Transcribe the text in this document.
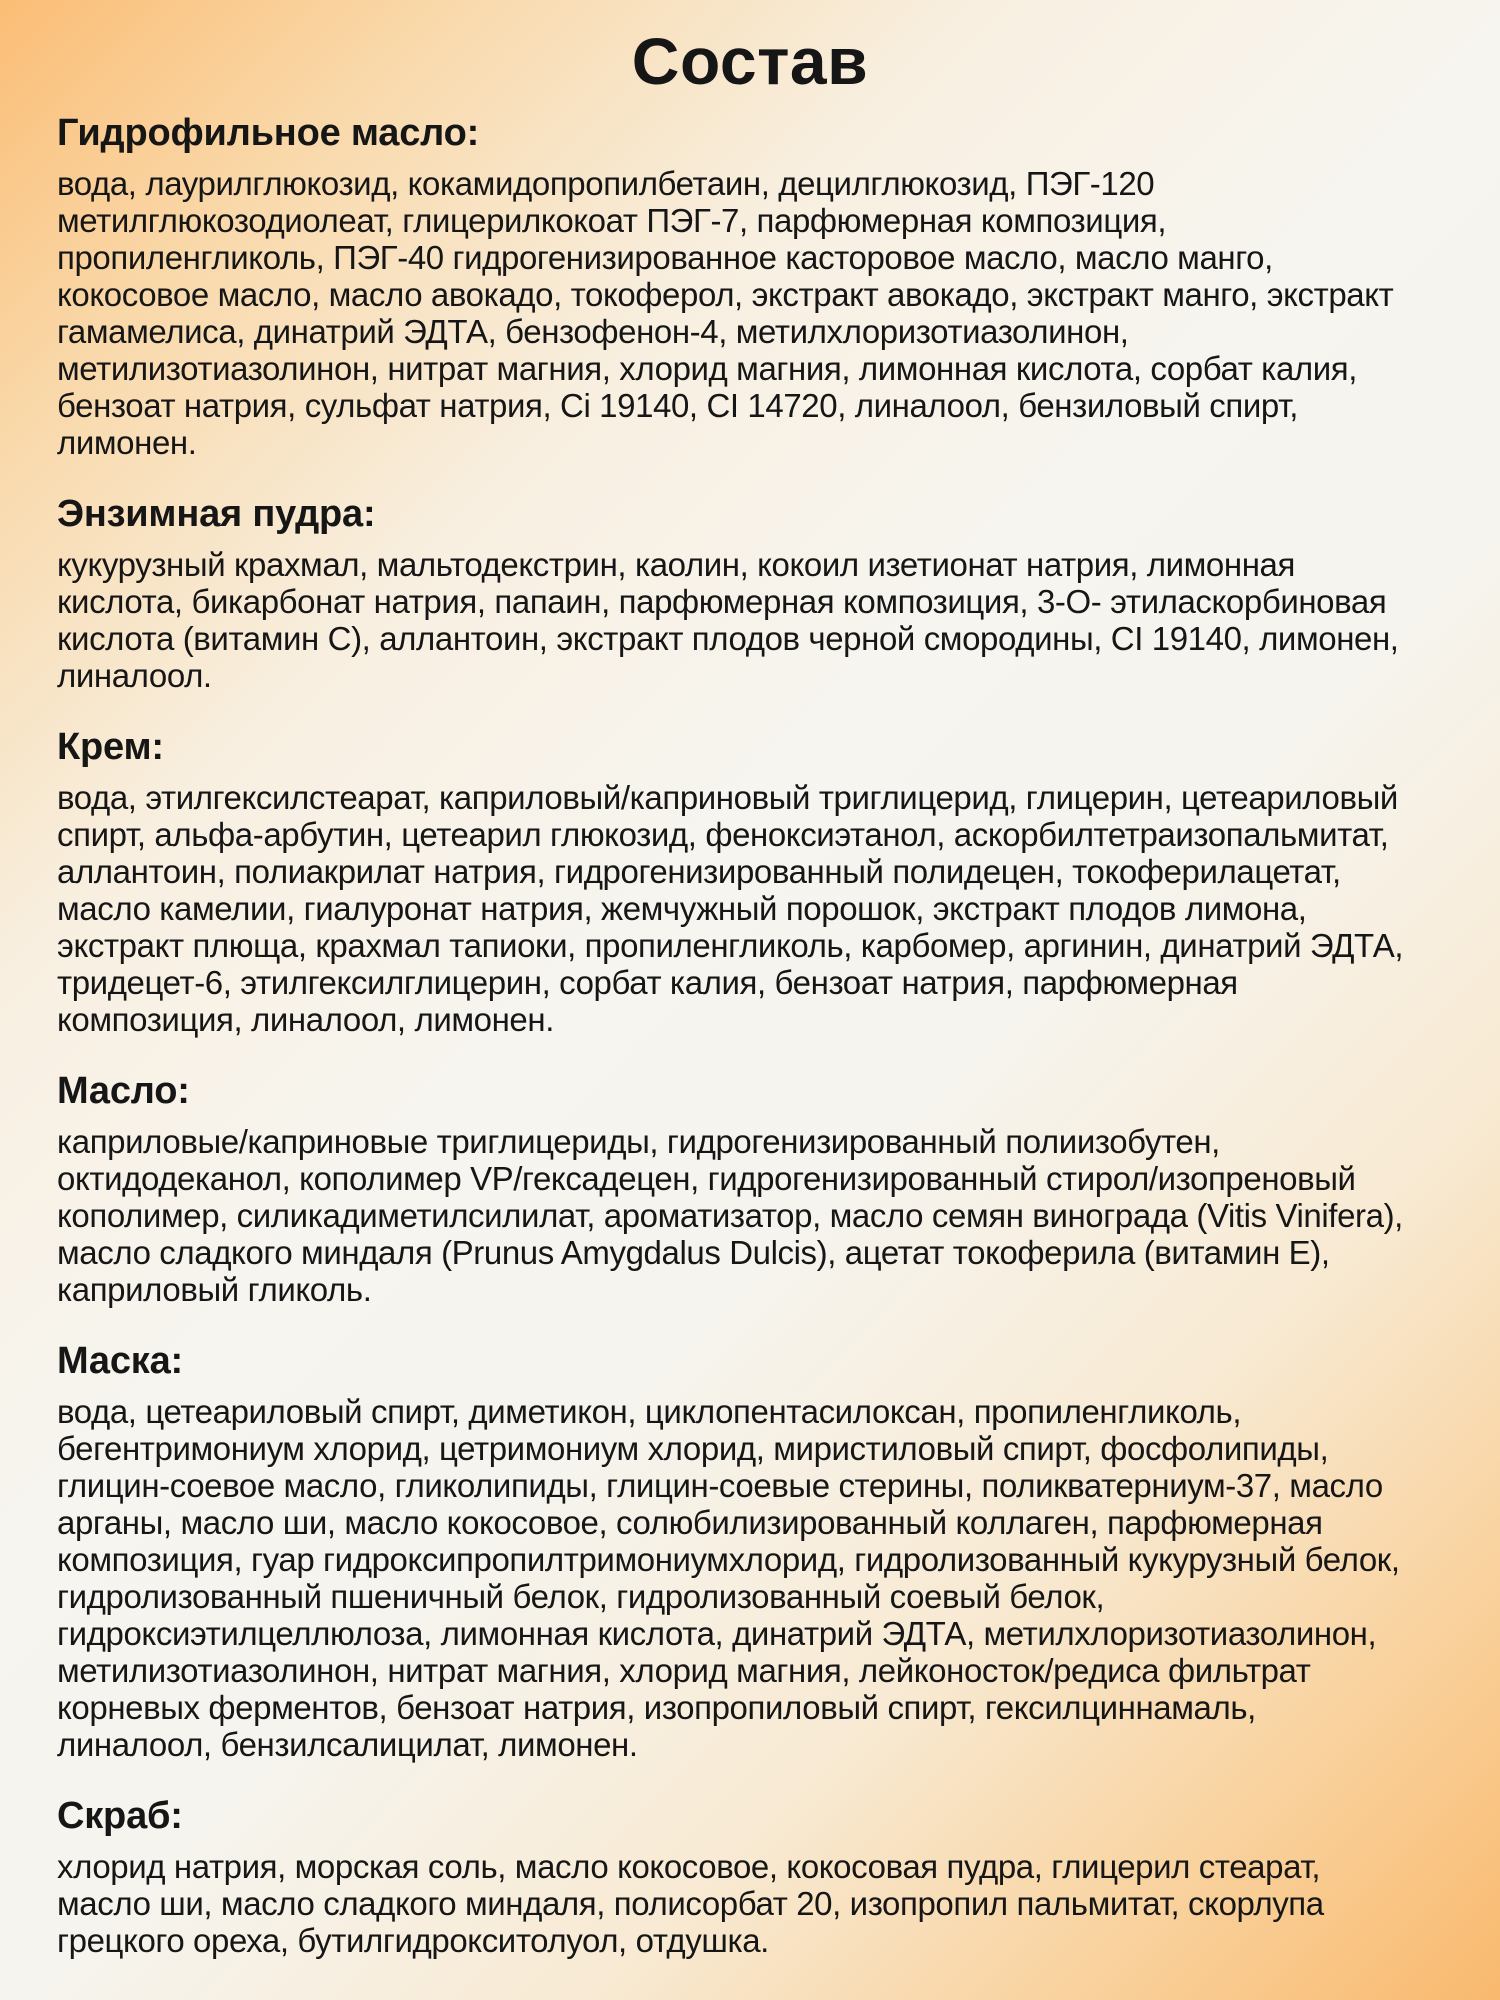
Состав
Гидрофильное масло:

вода, лаурилглюкозид, кокамидопропилбетаин, децилглюкозид, ПЭГ-120 метилглюкозодиолеат, глицерилкокоат ПЭГ-7, парфюмерная композиция, пропиленгликоль, ПЭГ-40 гидрогенизированное касторовое масло, масло манго, кокосовое масло, масло авокадо, токоферол, экстракт авокадо, экстракт манго, экстракт гамамелиса, динатрий ЭДТА, бензофенон-4, метилхлоризотиазолинон, метилизотиазолинон, нитрат магния, хлорид магния, лимонная кислота, сорбат калия, бензоат натрия, сульфат натрия, Ci 19140, CI 14720, линалоол, бензиловый спирт, лимонен.

Энзимная пудра:

кукурузный крахмал, мальтодекстрин, каолин, кокоил изетионат натрия, лимонная кислота, бикарбонат натрия, папаин, парфюмерная композиция, 3-О- этиласкорбиновая кислота (витамин С), аллантоин, экстракт плодов черной смородины, CI 19140, лимонен, линалоол.

Крем:

вода, этилгексилстеарат, каприловый/каприновый триглицерид, глицерин, цетеариловый спирт, альфа-арбутин, цетеарил глюкозид, феноксиэтанол, аскорбилтетраизопальмитат, аллантоин, полиакрилат натрия, гидрогенизированный полидецен, токоферилацетат, масло камелии, гиалуронат натрия, жемчужный порошок, экстракт плодов лимона, экстракт плюща, крахмал тапиоки, пропиленгликоль, карбомер, аргинин, динатрий ЭДТА, тридецет-6, этилгексилглицерин, сорбат калия, бензоат натрия, парфюмерная композиция, линалоол, лимонен.

Масло:

каприловые/каприновые триглицериды, гидрогенизированный полиизобутен, октидодеканол, кополимер VP/гексадецен, гидрогенизированный стирол/изопреновый кополимер, силикадиметилсилилат, ароматизатор, масло семян винограда (Vitis Vinifera), масло сладкого миндаля (Prunus Amygdalus Dulcis), ацетат токоферила (витамин Е), каприловый гликоль.

Маска:

вода, цетеариловый спирт, диметикон, циклопентасилоксан, пропиленгликоль, бегентримониум хлорид, цетримониум хлорид, миристиловый спирт, фосфолипиды, глицин-соевое масло, гликолипиды, глицин-соевые стерины, поликватерниум-37, масло арганы, масло ши, масло кокосовое, солюбилизированный коллаген, парфюмерная композиция, гуар гидроксипропилтримониумхлорид, гидролизованный кукурузный белок, гидролизованный пшеничный белок, гидролизованный соевый белок, гидроксиэтилцеллюлоза, лимонная кислота, динатрий ЭДТА, метилхлоризотиазолинон, метилизотиазолинон, нитрат магния, хлорид магния, лейконосток/редиса фильтрат корневых ферментов, бензоат натрия, изопропиловый спирт, гексилциннамаль, линалоол, бензилсалицилат, лимонен.

Скраб:

хлорид натрия, морская соль, масло кокосовое, кокосовая пудра, глицерил стеарат, масло ши, масло сладкого миндаля, полисорбат 20, изопропил пальмитат, скорлупа грецкого ореха, бутилгидрокситолуол, отдушка.
